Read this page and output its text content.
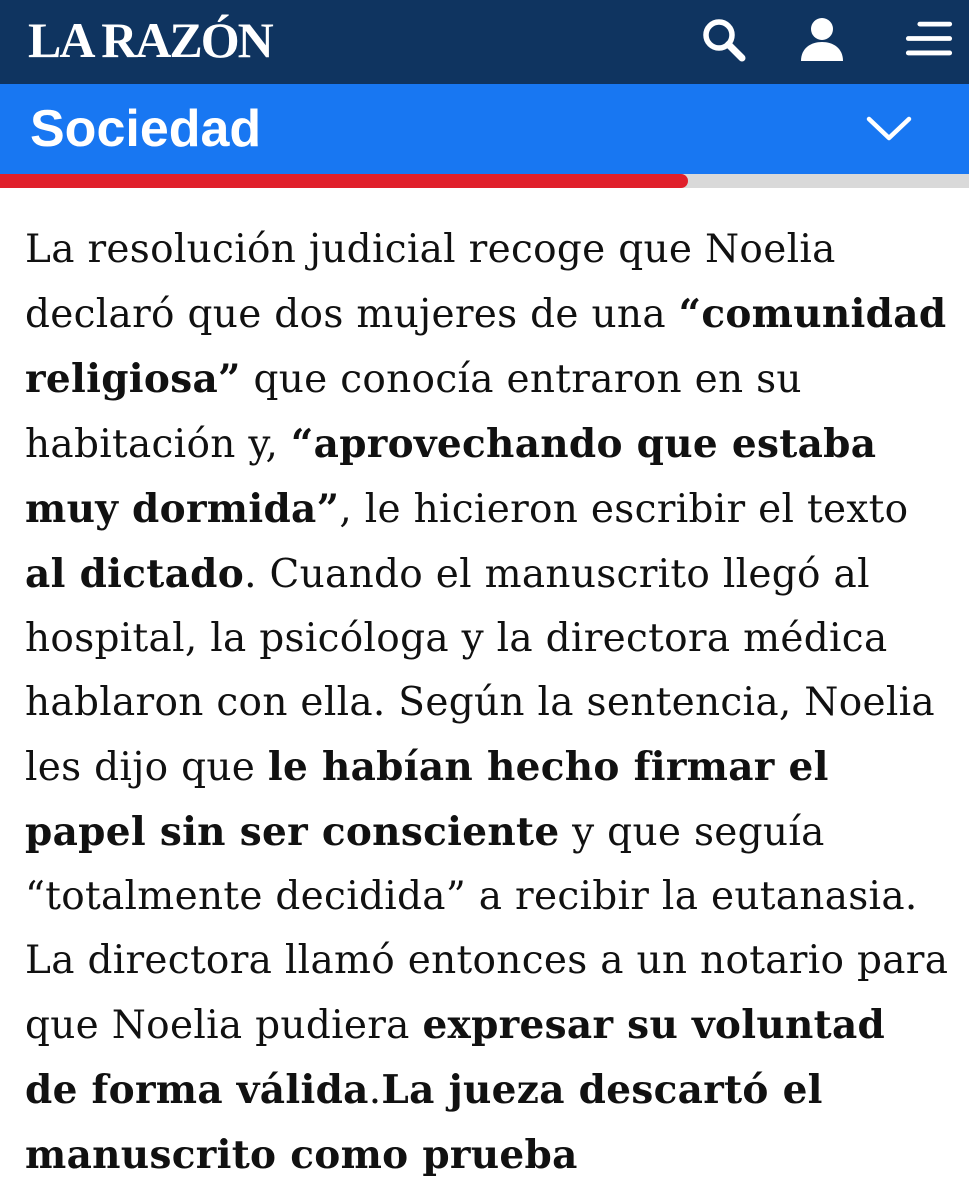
LA RAZÓN
Sociedad

La resolución judicial recoge que Noelia declaró que dos mujeres de una “comunidad religiosa” que conocía entraron en su habitación y, “aprovechando que estaba muy dormida”, le hicieron escribir el texto al dictado. Cuando el manuscrito llegó al hospital, la psicóloga y la directora médica hablaron con ella. Según la sentencia, Noelia les dijo que le habían hecho firmar el papel sin ser consciente y que seguía “totalmente decidida” a recibir la eutanasia. La directora llamó entonces a un notario para que Noelia pudiera expresar su voluntad de forma válida.La jueza descartó el manuscrito como prueba
